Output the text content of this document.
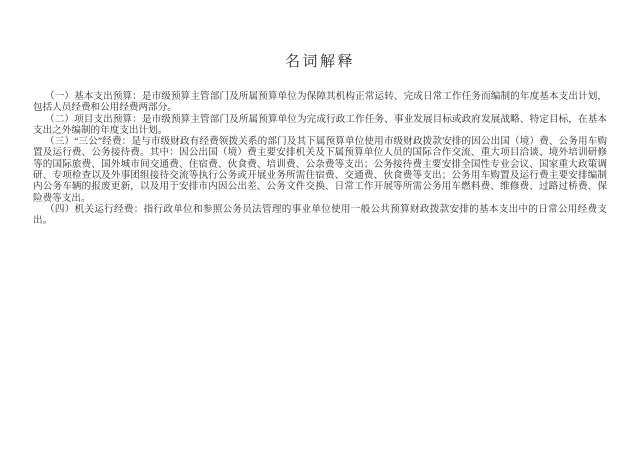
名词解释

（一）基本支出预算：是市级预算主管部门及所属预算单位为保障其机构正常运转、完成日常工作任务而编制的年度基本支出计划，包括人员经费和公用经费两部分。

（二）项目支出预算：是市级预算主管部门及所属预算单位为完成行政工作任务、事业发展目标或政府发展战略、特定目标，在基本支出之外编制的年度支出计划。

（三）“三公”经费：是与市级财政有经费领拨关系的部门及其下属预算单位使用市级财政拨款安排的因公出国（境）费、公务用车购置及运行费、公务接待费。其中：因公出国（境）费主要安排机关及下属预算单位人员的国际合作交流、重大项目洽谈、境外培训研修等的国际旅费、国外城市间交通费、住宿费、伙食费、培训费、公杂费等支出；公务接待费主要安排全国性专业会议、国家重大政策调研、专项检查以及外事团组接待交流等执行公务或开展业务所需住宿费、交通费、伙食费等支出；公务用车购置及运行费主要安排编制内公务车辆的报废更新，以及用于安排市内因公出差、公务文件交换、日常工作开展等所需公务用车燃料费、维修费、过路过桥费、保险费等支出。

（四）机关运行经费：指行政单位和参照公务员法管理的事业单位使用一般公共预算财政拨款安排的基本支出中的日常公用经费支出。
